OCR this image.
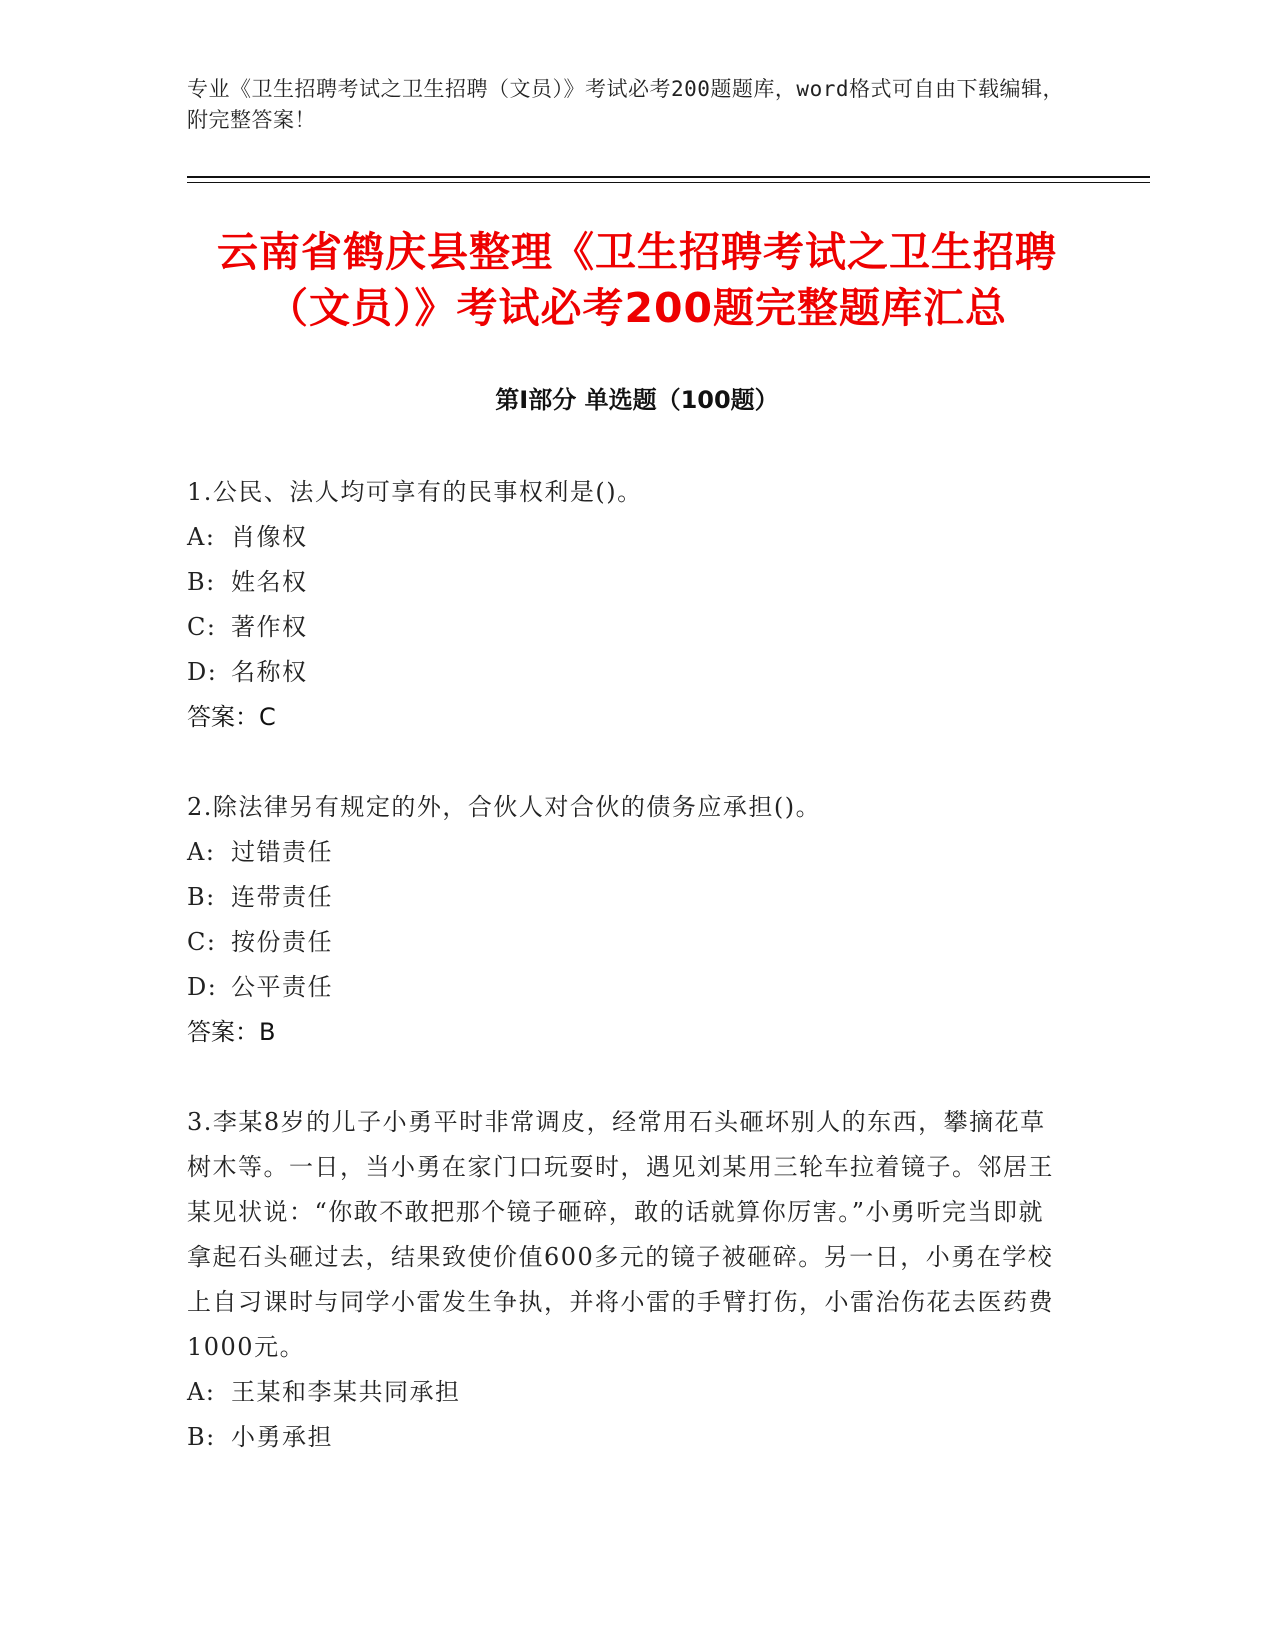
专业《卫生招聘考试之卫生招聘（文员）》考试必考200题题库，word格式可自由下载编辑，附完整答案！
云南省鹤庆县整理《卫生招聘考试之卫生招聘（文员）》考试必考200题完整题库汇总
第Ⅰ部分 单选题（100题）
1.公民、法人均可享有的民事权利是()。
A: 肖像权
B: 姓名权
C: 著作权
D: 名称权
答案：C
2.除法律另有规定的外，合伙人对合伙的债务应承担()。
A: 过错责任
B: 连带责任
C: 按份责任
D: 公平责任
答案：B
3.李某8岁的儿子小勇平时非常调皮，经常用石头砸坏别人的东西，攀摘花草树木等。一日，当小勇在家门口玩耍时，遇见刘某用三轮车拉着镜子。邻居王某见状说：“你敢不敢把那个镜子砸碎，敢的话就算你厉害。”小勇听完当即就拿起石头砸过去，结果致使价值600多元的镜子被砸碎。另一日，小勇在学校上自习课时与同学小雷发生争执，并将小雷的手臂打伤，小雷治伤花去医药费1000元。
A: 王某和李某共同承担
B: 小勇承担
